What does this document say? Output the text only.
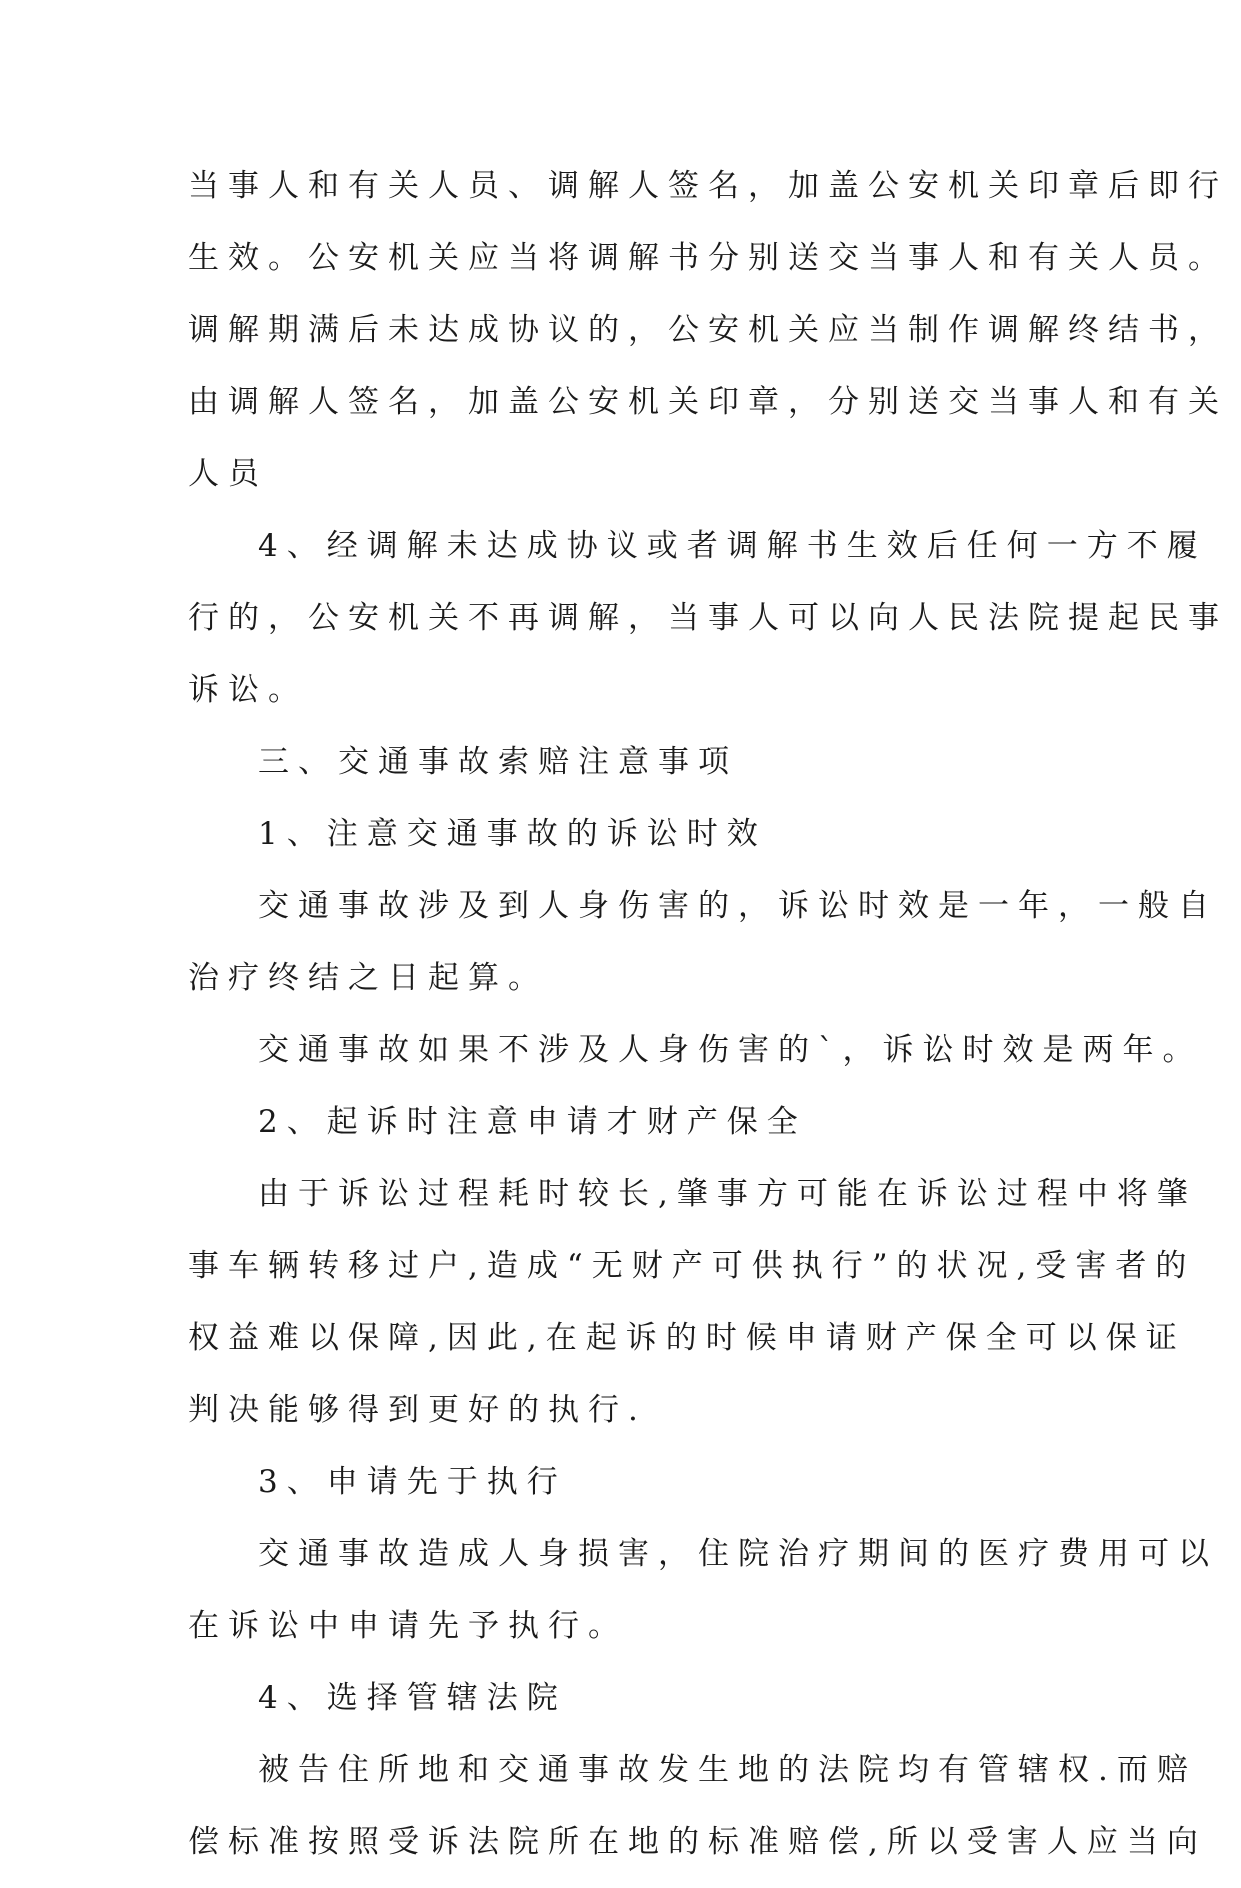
当事人和有关人员、调解人签名，加盖公安机关印章后即行
生效。公安机关应当将调解书分别送交当事人和有关人员。
调解期满后未达成协议的，公安机关应当制作调解终结书，
由调解人签名，加盖公安机关印章，分别送交当事人和有关
人员
4、经调解未达成协议或者调解书生效后任何一方不履
行的，公安机关不再调解，当事人可以向人民法院提起民事
诉讼。
三、交通事故索赔注意事项
1、注意交通事故的诉讼时效
交通事故涉及到人身伤害的，诉讼时效是一年，一般自
治疗终结之日起算。
交通事故如果不涉及人身伤害的`，诉讼时效是两年。
2、起诉时注意申请才财产保全
由于诉讼过程耗时较长,肇事方可能在诉讼过程中将肇
事车辆转移过户,造成“无财产可供执行”的状况,受害者的
权益难以保障,因此,在起诉的时候申请财产保全可以保证
判决能够得到更好的执行.
3、申请先于执行
交通事故造成人身损害，住院治疗期间的医疗费用可以
在诉讼中申请先予执行。
4、选择管辖法院
被告住所地和交通事故发生地的法院均有管辖权.而赔
偿标准按照受诉法院所在地的标准赔偿,所以受害人应当向
